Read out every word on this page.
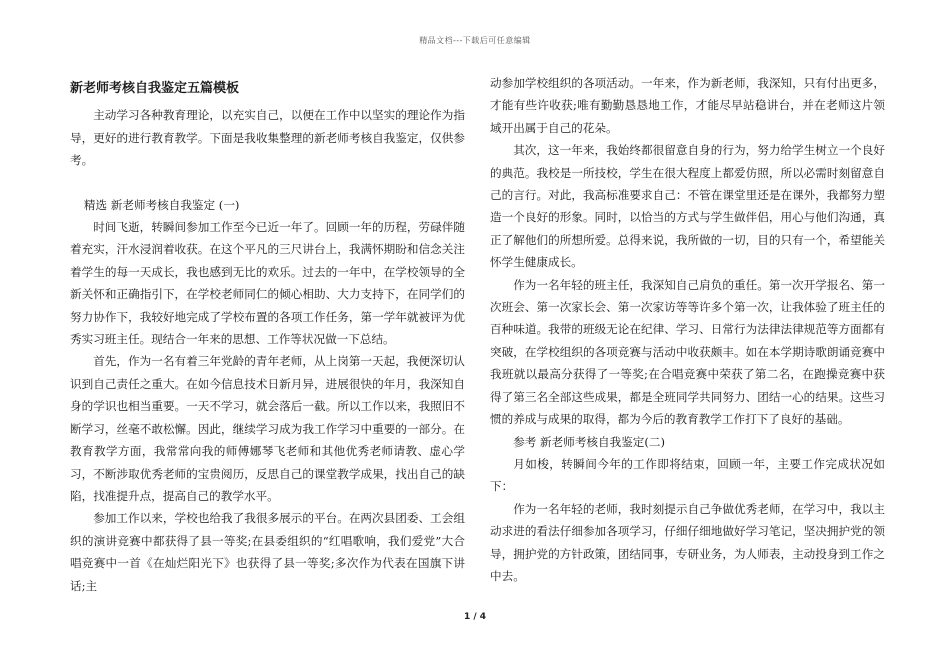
精品文档---下载后可任意编辑
新老师考核自我鉴定五篇模板

主动学习各种教育理论，以充实自己，以便在工作中以坚实的理论作为指导，更好的进行教育教学。下面是我收集整理的新老师考核自我鉴定，仅供参考。

精选 新老师考核自我鉴定 (一)

时间飞逝，转瞬间参加工作至今已近一年了。回顾一年的历程，劳碌伴随着充实，汗水浸润着收获。在这个平凡的三尺讲台上，我满怀期盼和信念关注着学生的每一天成长，我也感到无比的欢乐。过去的一年中，在学校领导的全新关怀和正确指引下，在学校老师同仁的倾心相助、大力支持下，在同学们的努力协作下，我较好地完成了学校布置的各项工作任务，第一学年就被评为优秀实习班主任。现结合一年来的思想、工作等状况做一下总结。

首先，作为一名有着三年党龄的青年老师，从上岗第一天起，我便深切认识到自己责任之重大。在如今信息技术日新月异，进展很快的年月，我深知自身的学识也相当重要。一天不学习，就会落后一截。所以工作以来，我照旧不断学习，丝毫不敢松懈。因此，继续学习成为我工作学习中重要的一部分。在教育教学方面，我常常向我的师傅娜琴飞老师和其他优秀老师请教、虚心学习，不断涉取优秀老师的宝贵阅历，反思自己的课堂教学成果，找出自己的缺陷，找准提升点，提高自己的教学水平。

参加工作以来，学校也给我了我很多展示的平台。在两次县团委、工会组织的演讲竞赛中都获得了县一等奖;在县委组织的“红唱歌响，我们爱党”大合唱竞赛中一首《在灿烂阳光下》也获得了县一等奖;多次作为代表在国旗下讲话;主

动参加学校组织的各项活动。一年来，作为新老师，我深知，只有付出更多，才能有些许收获;唯有勤勤恳恳地工作，才能尽早站稳讲台，并在老师这片领域开出属于自己的花朵。

其次，这一年来，我始终都很留意自身的行为，努力给学生树立一个良好的典范。我校是一所技校，学生在很大程度上都爱仿照，所以必需时刻留意自己的言行。对此，我高标准要求自己：不管在课堂里还是在课外，我都努力塑造一个良好的形象。同时，以恰当的方式与学生做伴侣，用心与他们沟通，真正了解他们的所想所爱。总得来说，我所做的一切，目的只有一个，希望能关怀学生健康成长。

作为一名年轻的班主任，我深知自己肩负的重任。第一次开学报名、第一次班会、第一次家长会、第一次家访等等许多个第一次，让我体验了班主任的百种味道。我带的班级无论在纪律、学习、日常行为法律法律规范等方面都有突破，在学校组织的各项竞赛与活动中收获颇丰。如在本学期诗歌朗诵竞赛中我班就以最高分获得了一等奖;在合唱竞赛中荣获了第二名，在跑操竞赛中获得了第三名全部这些成果，都是全班同学共同努力、团结一心的结果。这些习惯的养成与成果的取得，都为今后的教育教学工作打下了良好的基础。

参考 新老师考核自我鉴定(二)

月如梭，转瞬间今年的工作即将结束，回顾一年，主要工作完成状况如下：

作为一名年轻的老师，我时刻提示自己争做优秀老师，在学习中，我以主动求进的看法仔细参加各项学习，仔细仔细地做好学习笔记，坚决拥护党的领导，拥护党的方针政策，团结同事，专研业务，为人师表，主动投身到工作之中去。

1 / 4
